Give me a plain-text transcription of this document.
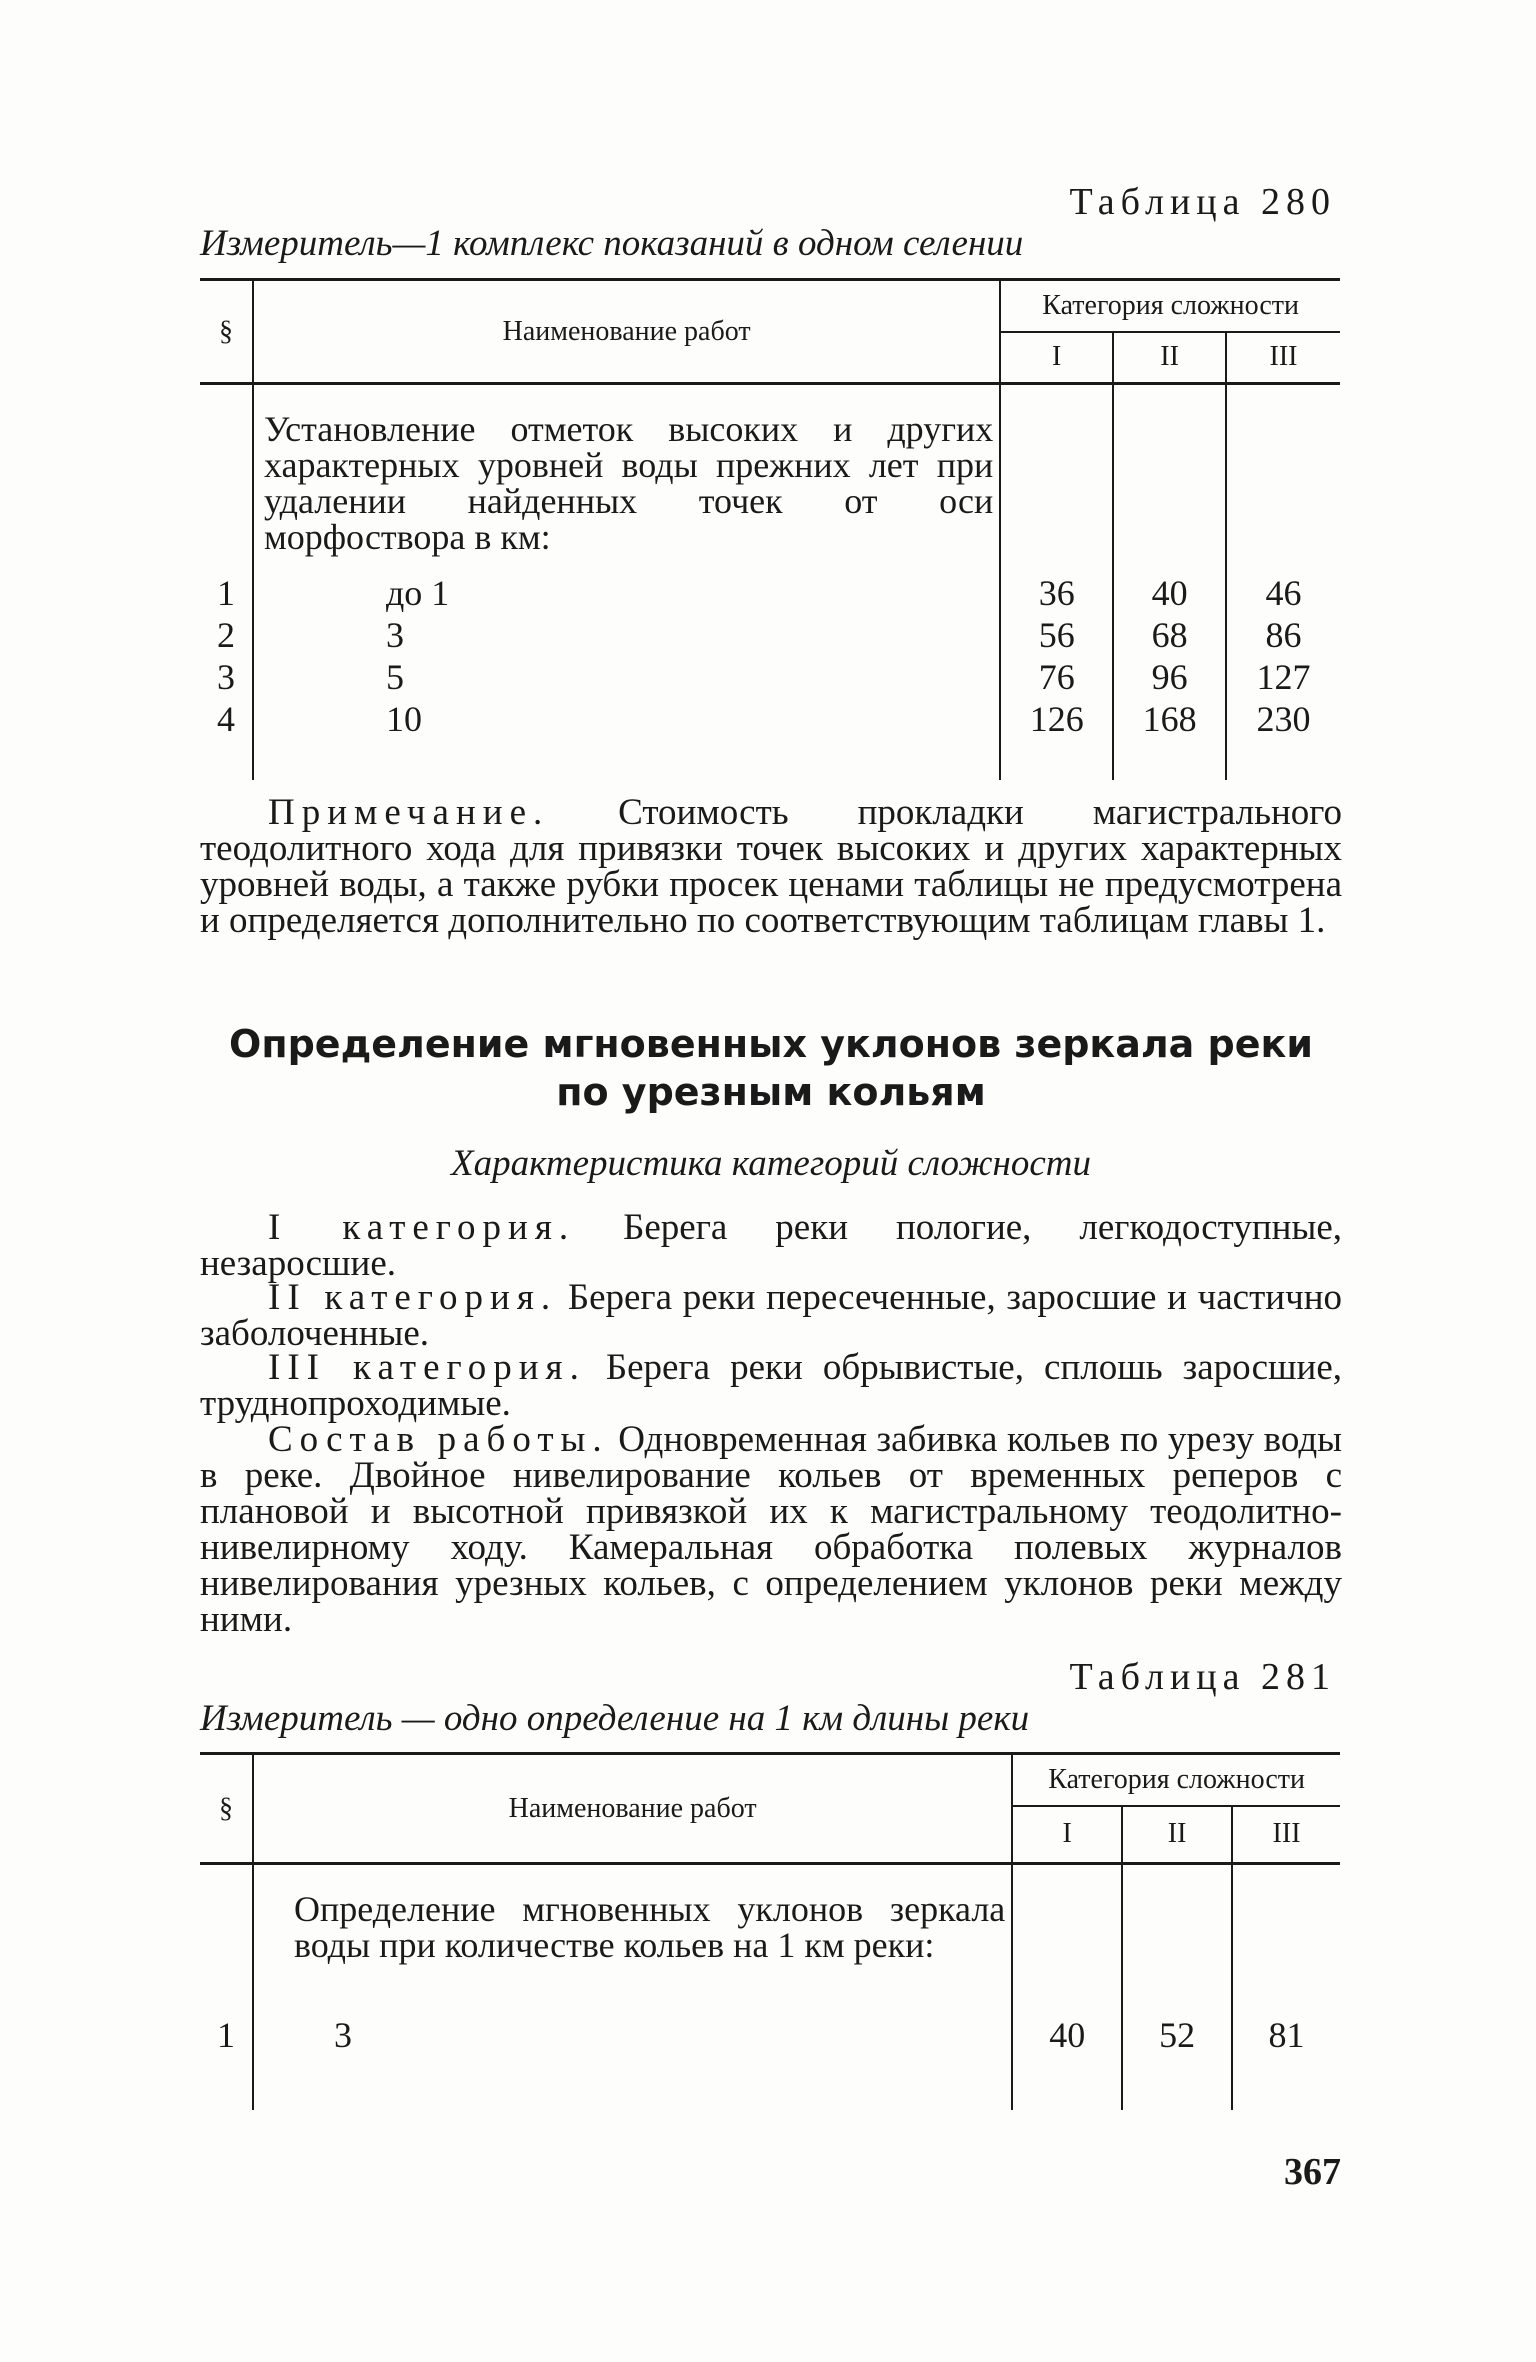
Таблица 280
Измеритель—1 комплекс показаний в одном селении
§	Наименование работ	Категория сложности		
		I	II	III
	Установление отметок высоких и других характерных уровней воды прежних лет при удалении найденных точек от оси морфоствора в км:			
1	до 1	36	40	46
2	3	56	68	86
3	5	76	96	127
4	10	126	168	230

Примечание. Стоимость прокладки магистрального теодолитного хода для привязки точек высоких и других характерных уровней воды, а также рубки просек ценами таблицы не предусмотрена и определяется дополнительно по соответствующим таблицам главы 1.
Определение мгновенных уклонов зеркала реки по урезным кольям
Характеристика категорий сложности
I категория. Берега реки пологие, легкодоступные, незаросшие.
II категория. Берега реки пересеченные, заросшие и частично заболоченные.
III категория. Берега реки обрывистые, сплошь заросшие, труднопроходимые.
Состав работы. Одновременная забивка кольев по урезу воды в реке. Двойное нивелирование кольев от временных реперов с плановой и высотной привязкой их к магистральному теодолитно-нивелирному ходу. Камеральная обработка полевых журналов нивелирования урезных кольев, с определением уклонов реки между ними.
Таблица 281
Измеритель — одно определение на 1 км длины реки
§	Наименование работ	Категория сложности		
		I	II	III
	Определение мгновенных уклонов зеркала воды при количестве кольев на 1 км реки:			
1	3	40	52	81

367
